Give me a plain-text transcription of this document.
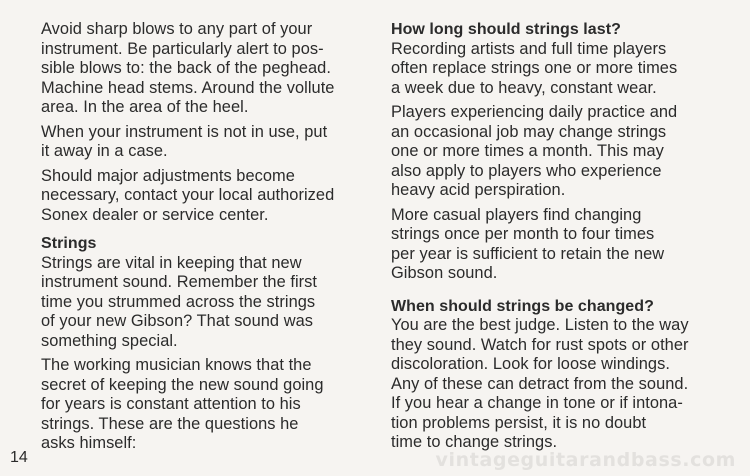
Avoid sharp blows to any part of your
instrument. Be particularly alert to pos-
sible blows to: the back of the peghead.
Machine head stems. Around the vollute
area. In the area of the heel.

When your instrument is not in use, put
it away in a case.

Should major adjustments become
necessary, contact your local authorized
Sonex dealer or service center.

Strings

Strings are vital in keeping that new
instrument sound. Remember the first
time you strummed across the strings
of your new Gibson? That sound was
something special.

The working musician knows that the
secret of keeping the new sound going
for years is constant attention to his
strings. These are the questions he
asks himself:

How long should strings last?

Recording artists and full time players
often replace strings one or more times
a week due to heavy, constant wear.

Players experiencing daily practice and
an occasional job may change strings
one or more times a month. This may
also apply to players who experience
heavy acid perspiration.

More casual players find changing
strings once per month to four times
per year is sufficient to retain the new
Gibson sound.

When should strings be changed?

You are the best judge. Listen to the way
they sound. Watch for rust spots or other
discoloration. Look for loose windings.
Any of these can detract from the sound.
If you hear a change in tone or if intona-
tion problems persist, it is no doubt
time to change strings.

14	vintageguitarandbass.com
